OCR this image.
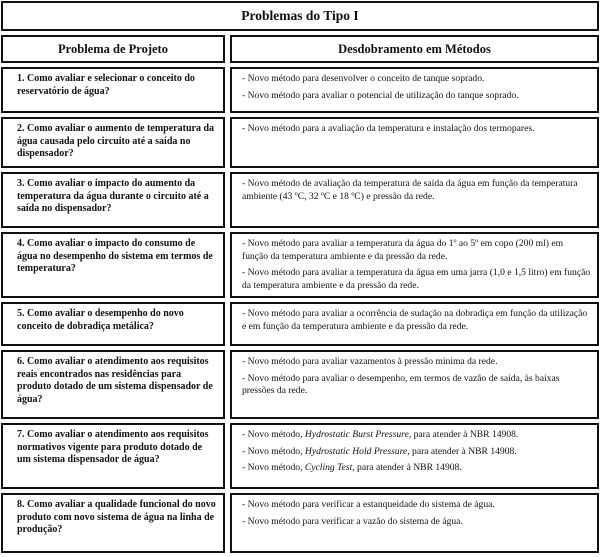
Problemas do Tipo I
Problema de Projeto	Desdobramento em Métodos
1. Como avaliar e selecionar o conceito do reservatório de água?
- Novo método para desenvolver o conceito de tanque soprado.
- Novo método para avaliar o potencial de utilização do tanque soprado.
2. Como avaliar o aumento de temperatura da água causada pelo circuito até a saída no dispensador?
- Novo método para a avaliação da temperatura e instalação dos termopares.
3. Como avaliar o impacto do aumento da temperatura da água durante o circuito até a saída no dispensador?
- Novo método de avaliação da temperatura de saída da água em função da temperatura ambiente (43 ºC, 32 ºC e 18 ºC) e pressão da rede.
4. Como avaliar o impacto do consumo de água no desempenho do sistema em termos de temperatura?
- Novo método para avaliar a temperatura da água do 1º ao 5º em copo (200 ml) em função da temperatura ambiente e da pressão da rede.
- Novo método para avaliar a temperatura da água em uma jarra (1,0 e 1,5 litro) em função da temperatura ambiente e da pressão da rede.
5. Como avaliar o desempenho do novo conceito de dobradiça metálica?
- Novo método para avaliar a ocorrência de sudação na dobradiça em função da utilização e em função da temperatura ambiente e da pressão da rede.
6. Como avaliar o atendimento aos requisitos reais encontrados nas residências para produto dotado de um sistema dispensador de água?
- Novo método para avaliar vazamentos à pressão mínima da rede.
- Novo método para avaliar o desempenho, em termos de vazão de saída, às baixas pressões da rede.
7. Como avaliar o atendimento aos requisitos normativos vigente para produto dotado de um sistema dispensador de água?
- Novo método, Hydrostatic Burst Pressure, para atender à NBR 14908.
- Novo método, Hydrostatic Hold Pressure, para atender à NBR 14908.
- Novo método, Cycling Test, para atender à NBR 14908.
8. Como avaliar a qualidade funcional do novo produto com novo sistema de água na linha de produção?
- Novo método para verificar a estanqueidade do sistema de água.
- Novo método para verificar a vazão do sistema de água.
